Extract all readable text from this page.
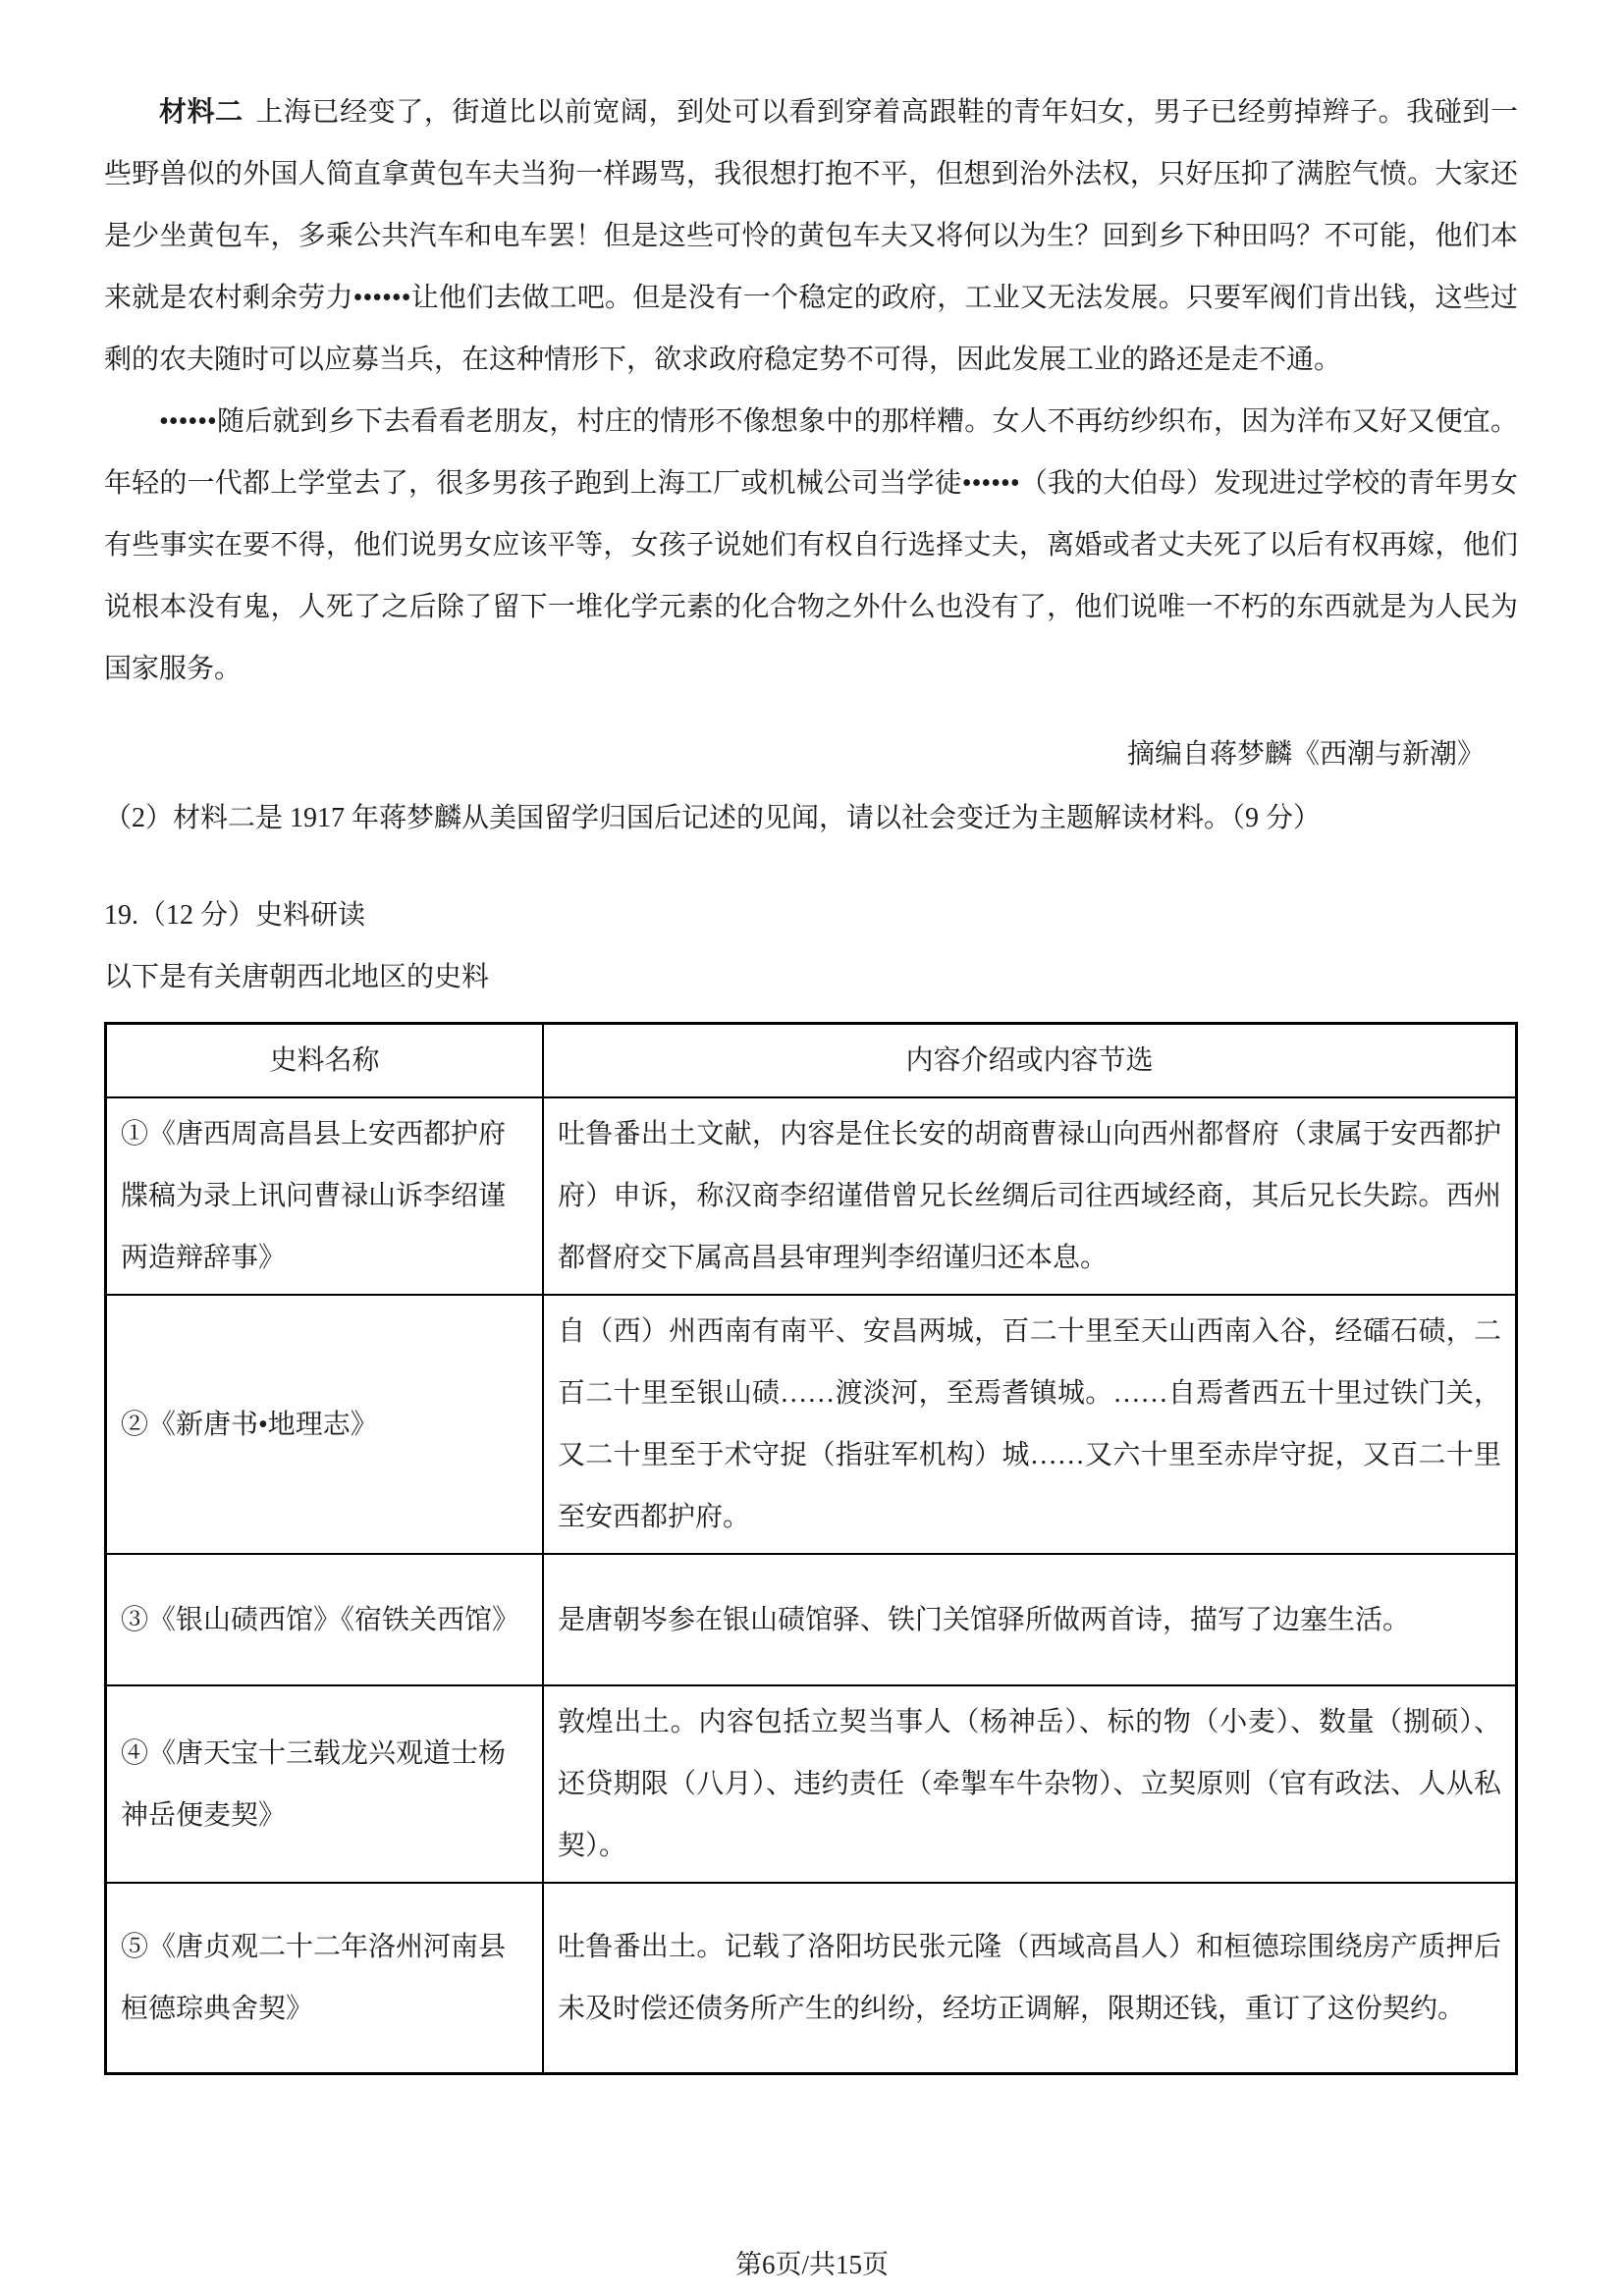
材料二 上海已经变了，街道比以前宽阔，到处可以看到穿着高跟鞋的青年妇女，男子已经剪掉辫子。我碰到一些野兽似的外国人简直拿黄包车夫当狗一样踢骂，我很想打抱不平，但想到治外法权，只好压抑了满腔气愤。大家还是少坐黄包车，多乘公共汽车和电车罢！但是这些可怜的黄包车夫又将何以为生？回到乡下种田吗？不可能，他们本来就是农村剩余劳力••••••让他们去做工吧。但是没有一个稳定的政府，工业又无法发展。只要军阀们肯出钱，这些过剩的农夫随时可以应募当兵，在这种情形下，欲求政府稳定势不可得，因此发展工业的路还是走不通。

••••••随后就到乡下去看看老朋友，村庄的情形不像想象中的那样糟。女人不再纺纱织布，因为洋布又好又便宜。年轻的一代都上学堂去了，很多男孩子跑到上海工厂或机械公司当学徒••••••（我的大伯母）发现进过学校的青年男女有些事实在要不得，他们说男女应该平等，女孩子说她们有权自行选择丈夫，离婚或者丈夫死了以后有权再嫁，他们说根本没有鬼，人死了之后除了留下一堆化学元素的化合物之外什么也没有了，他们说唯一不朽的东西就是为人民为国家服务。

摘编自蒋梦麟《西潮与新潮》

（2）材料二是 1917 年蒋梦麟从美国留学归国后记述的见闻，请以社会变迁为主题解读材料。（9 分）

19.（12 分）史料研读

以下是有关唐朝西北地区的史料

史料名称	内容介绍或内容节选
①《唐西周高昌县上安西都护府牒稿为录上讯问曹禄山诉李绍谨两造辩辞事》	吐鲁番出土文献，内容是住长安的胡商曹禄山向西州都督府（隶属于安西都护府）申诉，称汉商李绍谨借曾兄长丝绸后司往西域经商，其后兄长失踪。西州都督府交下属高昌县审理判李绍谨归还本息。
②《新唐书•地理志》	自（西）州西南有南平、安昌两城，百二十里至天山西南入谷，经礌石碛，二百二十里至银山碛……渡淡河，至焉耆镇城。……自焉耆西五十里过铁门关，又二十里至于术守捉（指驻军机构）城……又六十里至赤岸守捉，又百二十里至安西都护府。
③《银山碛西馆》《宿铁关西馆》	是唐朝岑参在银山碛馆驿、铁门关馆驿所做两首诗，描写了边塞生活。
④《唐天宝十三载龙兴观道士杨神岳便麦契》	敦煌出土。内容包括立契当事人（杨神岳）、标的物（小麦）、数量（捌硕）、还贷期限（八月）、违约责任（牵掣车牛杂物）、立契原则（官有政法、人从私契）。
⑤《唐贞观二十二年洛州河南县桓德琮典舍契》	吐鲁番出土。记载了洛阳坊民张元隆（西域高昌人）和桓德琮围绕房产质押后未及时偿还债务所产生的纠纷，经坊正调解，限期还钱，重订了这份契约。
第6页/共15页
